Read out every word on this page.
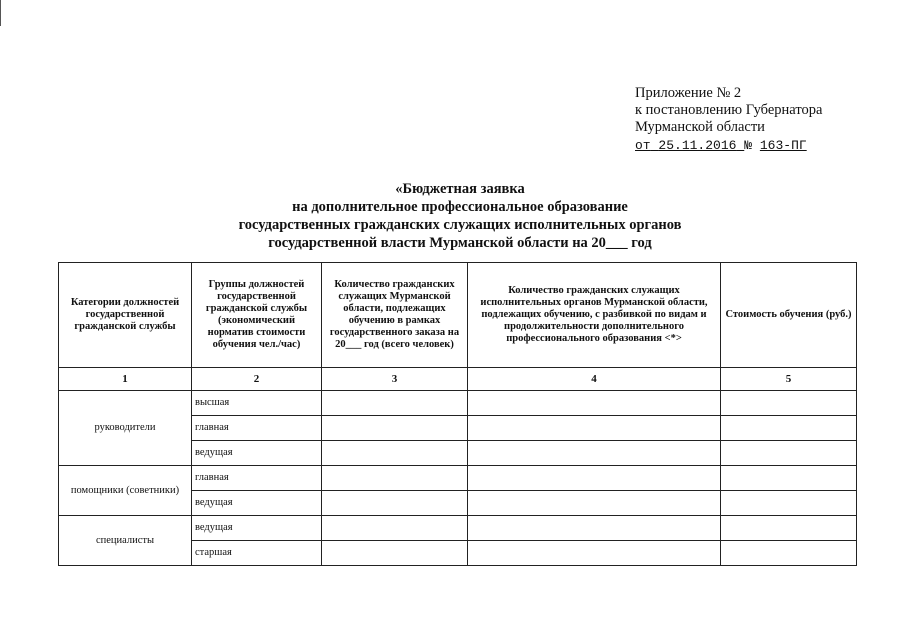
Приложение № 2
к постановлению Губернатора
Мурманской области
от 25.11.2016 № 163-ПГ
«Бюджетная заявка
на дополнительное профессиональное образование
государственных гражданских служащих исполнительных органов
государственной власти Мурманской области на 20___ год
Категории должностей государственной гражданской службы	Группы должностей государственной гражданской службы (экономический норматив стоимости обучения чел./час)	Количество гражданских служащих Мурманской области, подлежащих обучению в рамках государственного заказа на 20___ год (всего человек)	Количество гражданских служащих исполнительных органов Мурманской области, подлежащих обучению, с разбивкой по видам и продолжительности дополнительного профессионального образования <*>	Стоимость обучения (руб.)
1	2	3	4	5
руководители	высшая			
	главная			
	ведущая			
помощники (советники)	главная			
	ведущая			
специалисты	ведущая			
	старшая			
